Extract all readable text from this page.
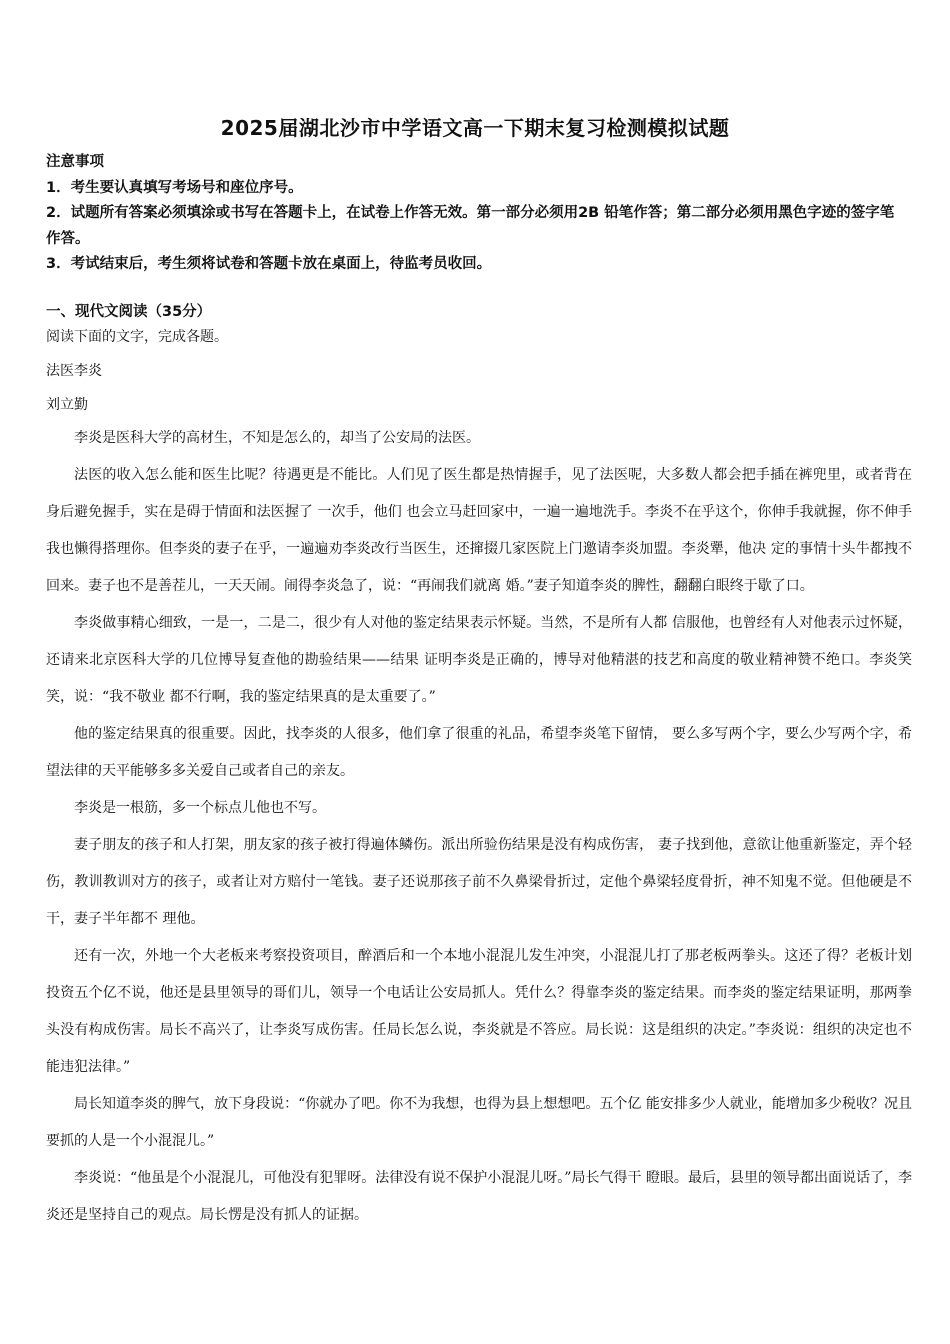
2025届湖北沙市中学语文高一下期末复习检测模拟试题

注意事项

1．考生要认真填写考场号和座位序号。

2．试题所有答案必须填涂或书写在答题卡上，在试卷上作答无效。第一部分必须用2B 铅笔作答；第二部分必须用黑色字迹的签字笔作答。

3．考试结束后，考生须将试卷和答题卡放在桌面上，待监考员收回。

一、现代文阅读（35分）
阅读下面的文字，完成各题。
法医李炎
刘立勤

李炎是医科大学的高材生，不知是怎么的，却当了公安局的法医。

法医的收入怎么能和医生比呢？待遇更是不能比。人们见了医生都是热情握手，见了法医呢，大多数人都会把手插在裤兜里，或者背在身后避免握手，实在是碍于情面和法医握了 一次手，他们 也会立马赶回家中，一遍一遍地洗手。李炎不在乎这个，你伸手我就握，你不伸手我也懒得搭理你。但李炎的妻子在乎，一遍遍劝李炎改行当医生，还撺掇几家医院上门邀请李炎加盟。李炎犟，他决 定的事情十头牛都拽不回来。妻子也不是善茬儿，一天天闹。闹得李炎急了，说：“再闹我们就离 婚。”妻子知道李炎的脾性，翻翻白眼终于歇了口。

李炎做事精心细致，一是一，二是二，很少有人对他的鉴定结果表示怀疑。当然，不是所有人都 信服他，也曾经有人对他表示过怀疑，还请来北京医科大学的几位博导复查他的勘验结果——结果 证明李炎是正确的，博导对他精湛的技艺和高度的敬业精神赞不绝口。李炎笑笑，说：“我不敬业 都不行啊，我的鉴定结果真的是太重要了。”

他的鉴定结果真的很重要。因此，找李炎的人很多，他们拿了很重的礼品，希望李炎笔下留情， 要么多写两个字，要么少写两个字，希望法律的天平能够多多关爱自己或者自己的亲友。

李炎是一根筋，多一个标点儿他也不写。

妻子朋友的孩子和人打架，朋友家的孩子被打得遍体鳞伤。派出所验伤结果是没有构成伤害， 妻子找到他，意欲让他重新鉴定，弄个轻伤，教训教训对方的孩子，或者让对方赔付一笔钱。妻子还说那孩子前不久鼻梁骨折过，定他个鼻梁轻度骨折，神不知鬼不觉。但他硬是不干，妻子半年都不 理他。

还有一次，外地一个大老板来考察投资项目，醉酒后和一个本地小混混儿发生冲突，小混混儿打了那老板两拳头。这还了得？老板计划投资五个亿不说，他还是县里领导的哥们儿，领导一个电话让公安局抓人。凭什么？得靠李炎的鉴定结果。而李炎的鉴定结果证明，那两拳头没有构成伤害。局长不高兴了，让李炎写成伤害。任局长怎么说，李炎就是不答应。局长说：这是组织的决定。”李炎说：组织的决定也不能违犯法律。”

局长知道李炎的脾气，放下身段说：“你就办了吧。你不为我想，也得为县上想想吧。五个亿 能安排多少人就业，能增加多少税收？况且要抓的人是一个小混混儿。”

李炎说：“他虽是个小混混儿，可他没有犯罪呀。法律没有说不保护小混混儿呀。”局长气得干 瞪眼。最后，县里的领导都出面说话了，李炎还是坚持自己的观点。局长愣是没有抓人的证据。
